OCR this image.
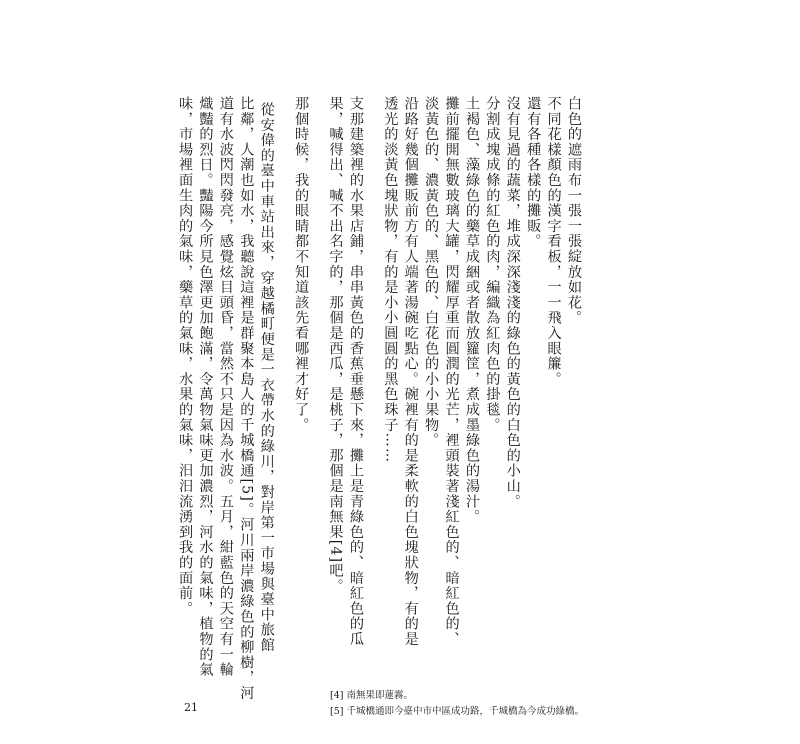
白色的遮雨布一張一張綻放如花。
不同花樣顏色的漢字看板，一一飛入眼簾。
還有各種各樣的攤販。
沒有見過的蔬菜，堆成深深淺淺的綠色的黃色的白色的小山。
分割成塊成條的紅色的肉，編織為紅肉色的掛毯。
土褐色、藻綠色的藥草成綑或者散放籮筐，煮成墨綠色的湯汁。
攤前擺開無數玻璃大罐，閃耀厚重而圓潤的光芒，裡頭裝著淺紅色的、暗紅色的、
淡黃色的、濃黃色的、黑色的、白花色的小小果物。
沿路好幾個攤販前方有人端著湯碗吃點心。碗裡有的是柔軟的白色塊狀物，有的是
透光的淡黃色塊狀物，有的是小小圓圓的黑色珠子……
支那建築裡的水果店鋪，串串黃色的香蕉垂懸下來，攤上是青綠色的、暗紅色的瓜
果，喊得出、喊不出名字的，那個是西瓜，是桃子，那個是南無果[4]吧。
那個時候，我的眼睛都不知道該先看哪裡才好了。
從安偉的臺中車站出來，穿越橘町便是一衣帶水的綠川，對岸第一市場與臺中旅館
比鄰，人潮也如水，我聽說這裡是群聚本島人的千城橋通[5]。河川兩岸濃綠色的柳樹，河
道有水波閃閃發亮，感覺炫目頭昏，當然不只是因為水波。五月，紺藍色的天空有一輪
熾豔的烈日。豔陽今所見色澤更加飽滿，令萬物氣味更加濃烈，河水的氣味，植物的氣
味，市場裡面生肉的氣味，藥草的氣味，水果的氣味，汨汨流湧到我的面前。
[4] 南無果即蓮霧。
[5] 千城橋通即今臺中市中區成功路，千城橋為今成功綠橋。
21
